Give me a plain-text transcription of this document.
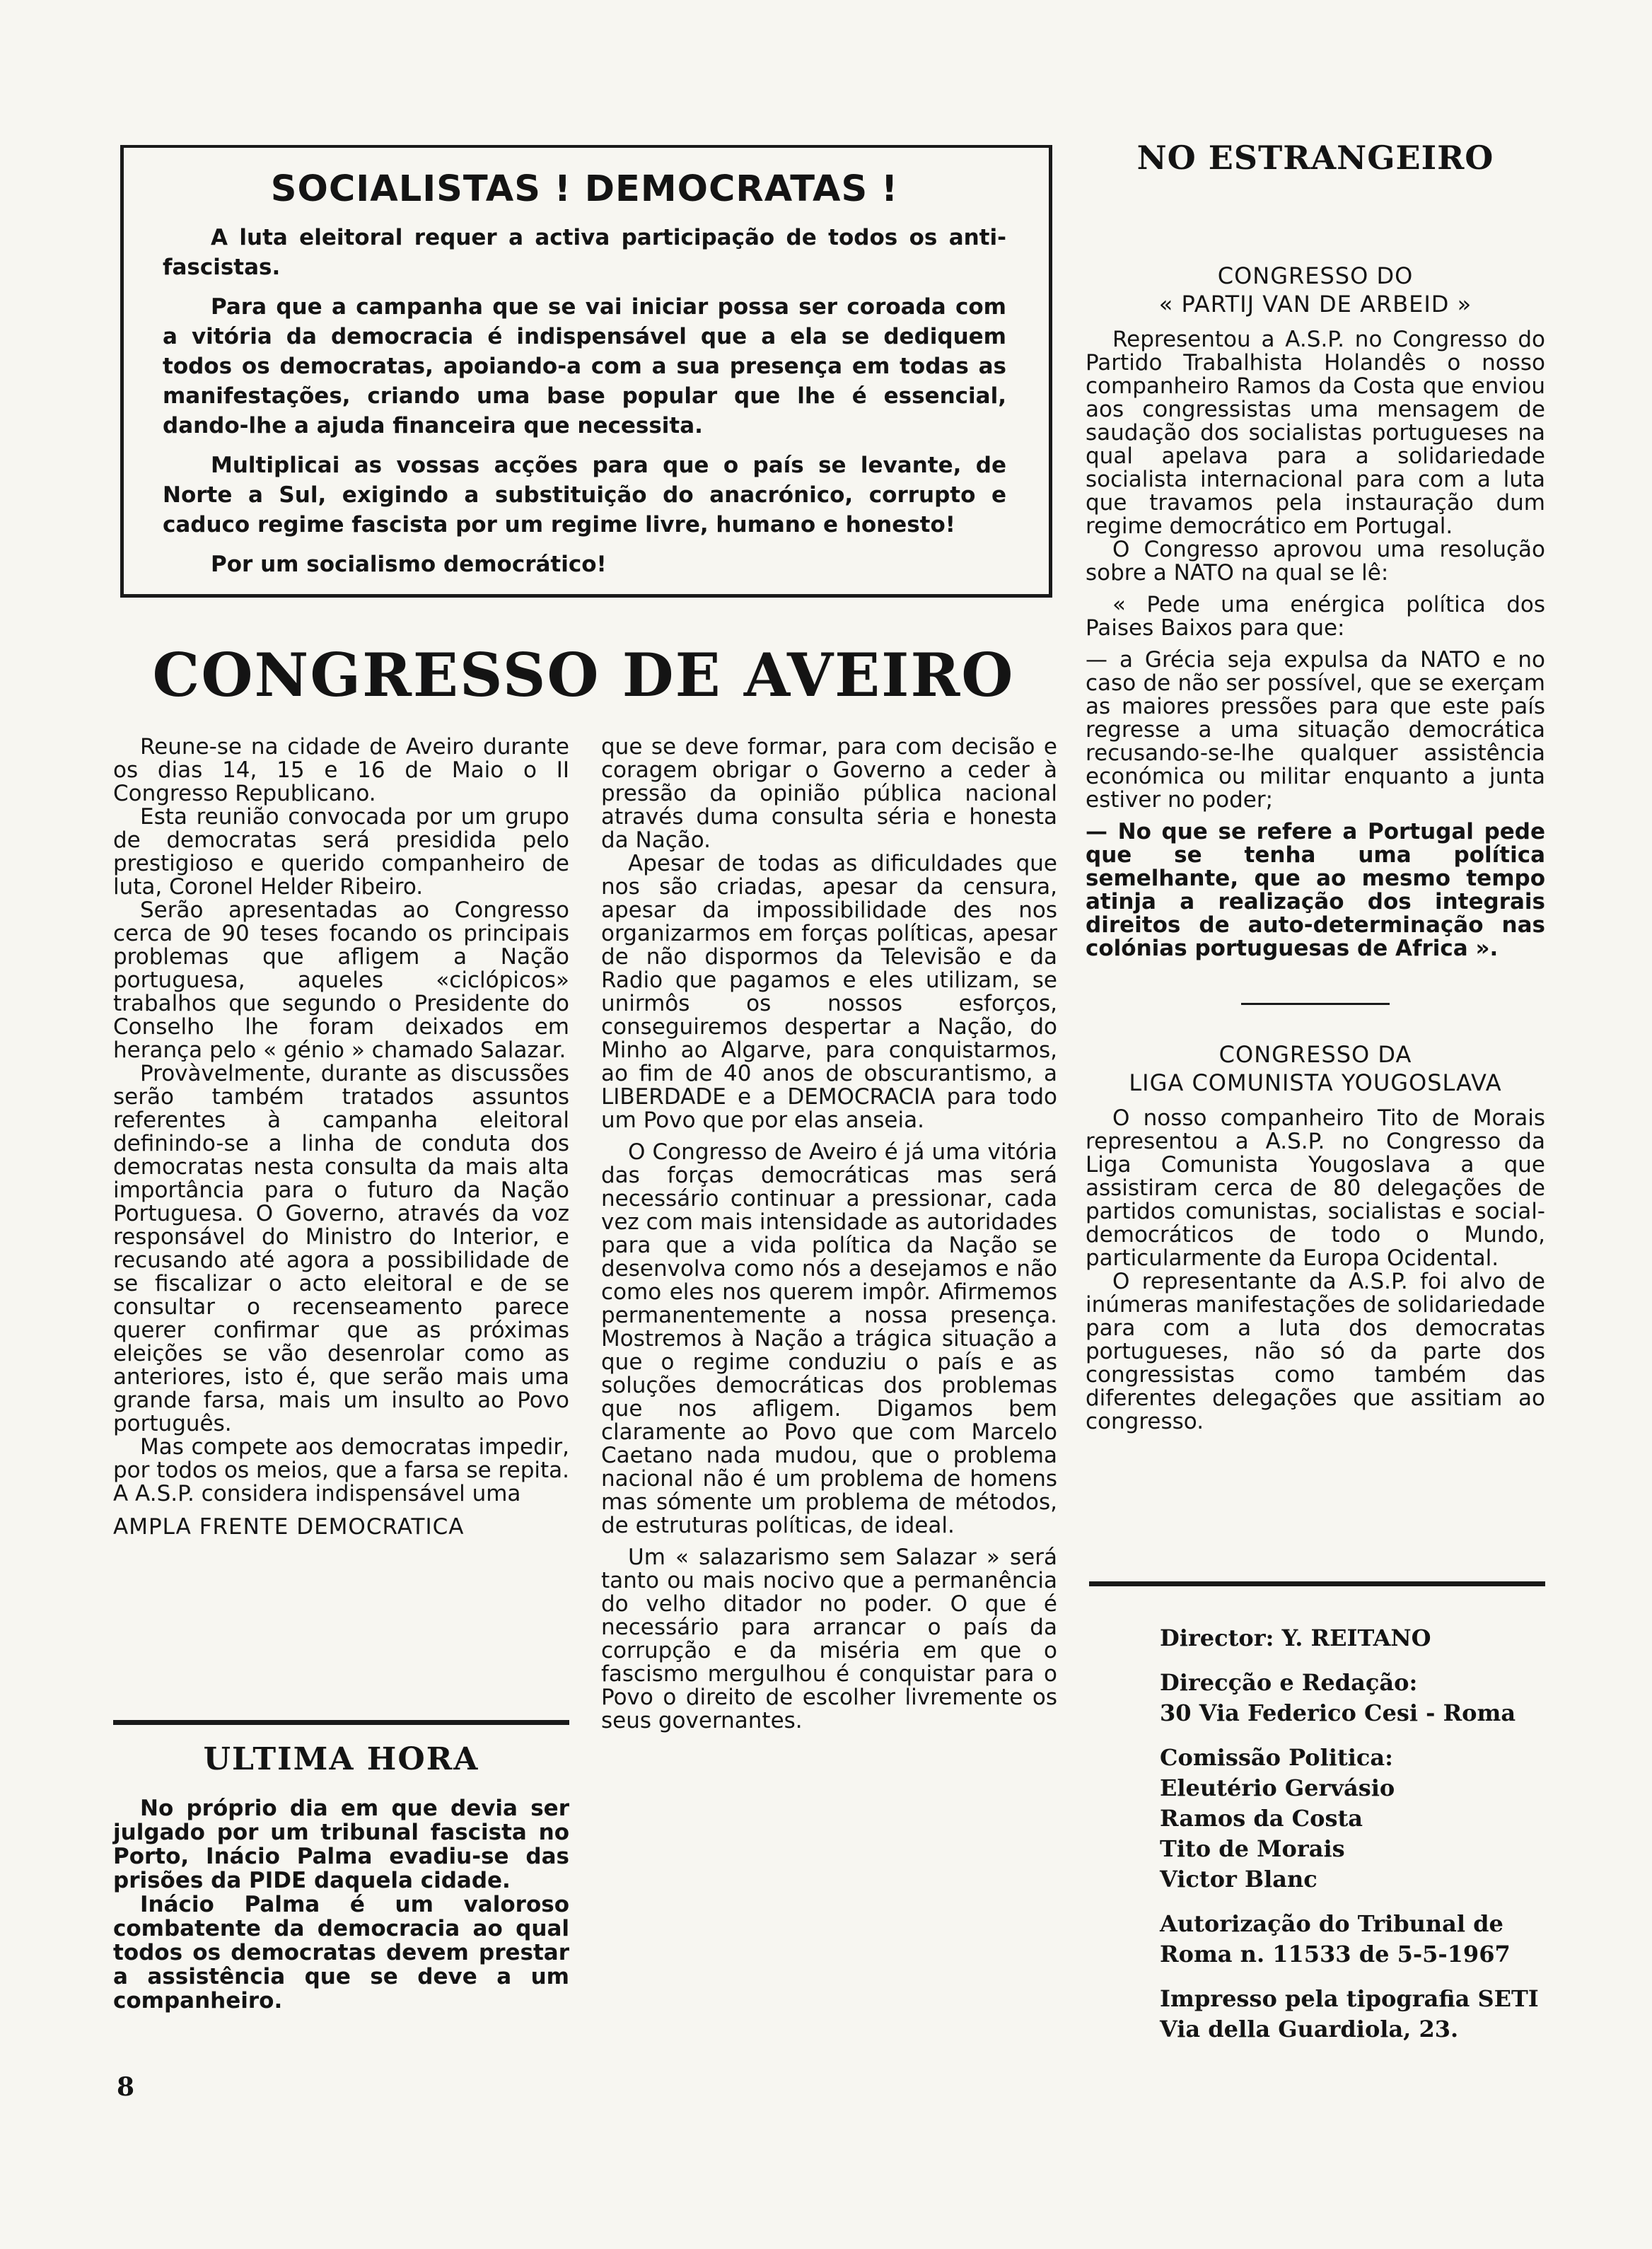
SOCIALISTAS ! DEMOCRATAS !

A luta eleitoral requer a activa participação de todos os anti-fascistas.

Para que a campanha que se vai iniciar possa ser coroada com a vitória da democracia é indispensável que a ela se dediquem todos os democratas, apoiando-a com a sua presença em todas as manifestações, criando uma base popular que lhe é essencial, dando-lhe a ajuda financeira que necessita.

Multiplicai as vossas acções para que o país se levante, de Norte a Sul, exigindo a substituição do anacrónico, corrupto e caduco regime fascista por um regime livre, humano e honesto!

Por um socialismo democrático!

CONGRESSO DE AVEIRO

Reune-se na cidade de Aveiro durante os dias 14, 15 e 16 de Maio o II Congresso Republicano.

Esta reunião convocada por um grupo de democratas será presidida pelo prestigioso e querido companheiro de luta, Coronel Helder Ribeiro.

Serão apresentadas ao Congresso cerca de 90 teses focando os principais problemas que afligem a Nação portuguesa, aqueles «ciclópicos» trabalhos que segundo o Presidente do Conselho lhe foram deixados em herança pelo « génio » chamado Salazar.

Provàvelmente, durante as discussões serão também tratados assuntos referentes à campanha eleitoral definindo-se a linha de conduta dos democratas nesta consulta da mais alta importância para o futuro da Nação Portuguesa. O Governo, através da voz responsável do Ministro do Interior, e recusando até agora a possibilidade de se fiscalizar o acto eleitoral e de se consultar o recenseamento parece querer confirmar que as próximas eleições se vão desenrolar como as anteriores, isto é, que serão mais uma grande farsa, mais um insulto ao Povo português.

Mas compete aos democratas impedir, por todos os meios, que a farsa se repita. A A.S.P. considera indispensável uma

AMPLA FRENTE DEMOCRATICA

ULTIMA HORA

No próprio dia em que devia ser julgado por um tribunal fascista no Porto, Inácio Palma evadiu-se das prisões da PIDE daquela cidade.

Inácio Palma é um valoroso combatente da democracia ao qual todos os democratas devem prestar a assistência que se deve a um companheiro.

que se deve formar, para com decisão e coragem obrigar o Governo a ceder à pressão da opinião pública nacional através duma consulta séria e honesta da Nação.

Apesar de todas as dificuldades que nos são criadas, apesar da censura, apesar da impossibilidade des nos organizarmos em forças políticas, apesar de não dispormos da Televisão e da Radio que pagamos e eles utilizam, se unirmôs os nossos esforços, conseguiremos despertar a Nação, do Minho ao Algarve, para conquistarmos, ao fim de 40 anos de obscurantismo, a LIBERDADE e a DEMOCRACIA para todo um Povo que por elas anseia.

O Congresso de Aveiro é já uma vitória das forças democráticas mas será necessário continuar a pressionar, cada vez com mais intensidade as autoridades para que a vida política da Nação se desenvolva como nós a desejamos e não como eles nos querem impôr. Afirmemos permanentemente a nossa presença. Mostremos à Nação a trágica situação a que o regime conduziu o país e as soluções democráticas dos problemas que nos afligem. Digamos bem claramente ao Povo que com Marcelo Caetano nada mudou, que o problema nacional não é um problema de homens mas sómente um problema de métodos, de estruturas políticas, de ideal.

Um « salazarismo sem Salazar » será tanto ou mais nocivo que a permanência do velho ditador no poder. O que é necessário para arrancar o país da corrupção e da miséria em que o fascismo mergulhou é conquistar para o Povo o direito de escolher livremente os seus governantes.

NO ESTRANGEIRO
CONGRESSO DO
« PARTIJ VAN DE ARBEID »

Representou a A.S.P. no Congresso do Partido Trabalhista Holandês o nosso companheiro Ramos da Costa que enviou aos congressistas uma mensagem de saudação dos socialistas portugueses na qual apelava para a solidariedade socialista internacional para com a luta que travamos pela instauração dum regime democrático em Portugal.

O Congresso aprovou uma resolução sobre a NATO na qual se lê:

« Pede uma enérgica política dos Paises Baixos para que:

— a Grécia seja expulsa da NATO e no caso de não ser possível, que se exerçam as maiores pressões para que este país regresse a uma situação democrática recusando-se-lhe qualquer assistência económica ou militar enquanto a junta estiver no poder;

— No que se refere a Portugal pede que se tenha uma política semelhante, que ao mesmo tempo atinja a realização dos integrais direitos de auto-determinação nas colónias portuguesas de Africa ».

CONGRESSO DA
LIGA COMUNISTA YOUGOSLAVA

O nosso companheiro Tito de Morais representou a A.S.P. no Congresso da Liga Comunista Yougoslava a que assistiram cerca de 80 delegações de partidos comunistas, socialistas e social-democráticos de todo o Mundo, particularmente da Europa Ocidental.

O representante da A.S.P. foi alvo de inúmeras manifestações de solidariedade para com a luta dos democratas portugueses, não só da parte dos congressistas como também das diferentes delegações que assitiam ao congresso.

Director: Y. REITANO
Direcção e Redação:
30 Via Federico Cesi - Roma
Comissão Politica:
Eleutério Gervásio
Ramos da Costa
Tito de Morais
Victor Blanc
Autorização do Tribunal de
Roma n. 11533 de 5-5-1967
Impresso pela tipografia SETI
Via della Guardiola, 23.

8
